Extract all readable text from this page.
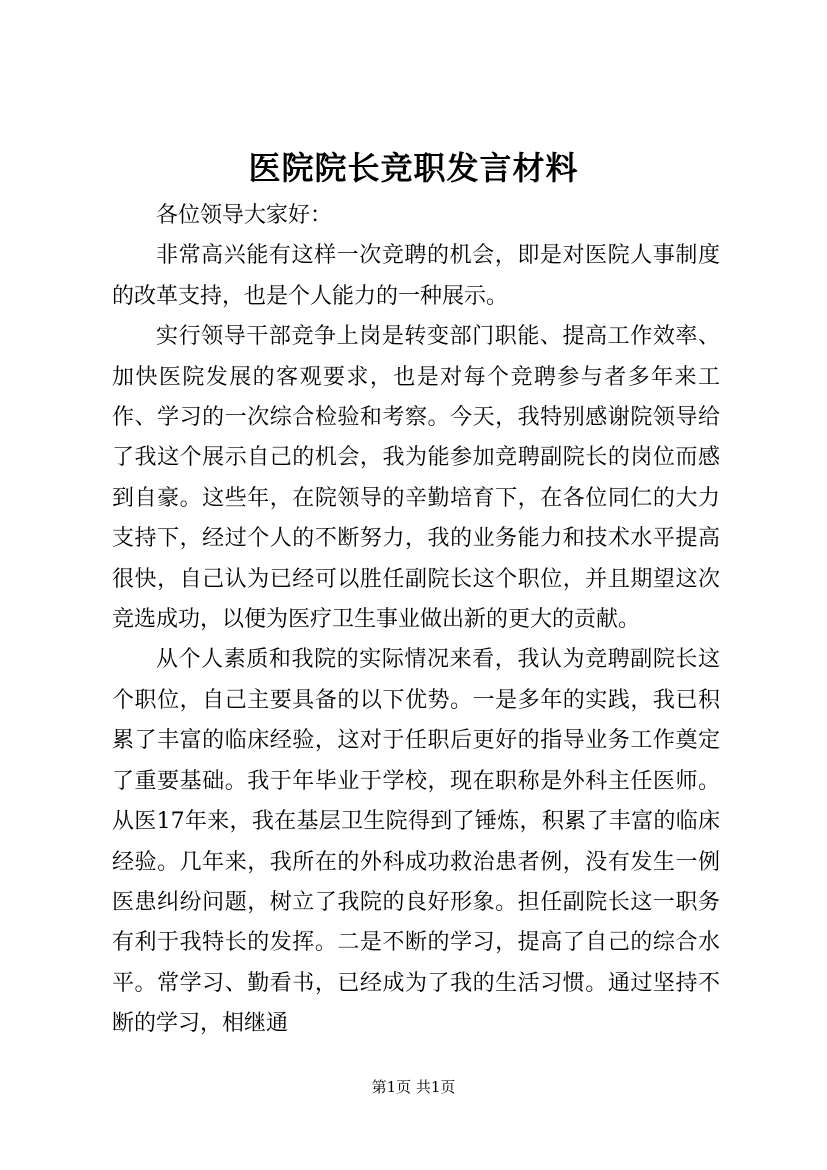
医院院长竞职发言材料

各位领导大家好：

非常高兴能有这样一次竞聘的机会，即是对医院人事制度的改革支持，也是个人能力的一种展示。

实行领导干部竞争上岗是转变部门职能、提高工作效率、加快医院发展的客观要求，也是对每个竞聘参与者多年来工作、学习的一次综合检验和考察。今天，我特别感谢院领导给了我这个展示自己的机会，我为能参加竞聘副院长的岗位而感到自豪。这些年，在院领导的辛勤培育下，在各位同仁的大力支持下，经过个人的不断努力，我的业务能力和技术水平提高很快，自己认为已经可以胜任副院长这个职位，并且期望这次竞选成功，以便为医疗卫生事业做出新的更大的贡献。

从个人素质和我院的实际情况来看，我认为竞聘副院长这个职位，自己主要具备的以下优势。一是多年的实践，我已积累了丰富的临床经验，这对于任职后更好的指导业务工作奠定了重要基础。我于年毕业于学校，现在职称是外科主任医师。从医17年来，我在基层卫生院得到了锤炼，积累了丰富的临床经验。几年来，我所在的外科成功救治患者例，没有发生一例医患纠纷问题，树立了我院的良好形象。担任副院长这一职务有利于我特长的发挥。二是不断的学习，提高了自己的综合水平。常学习、勤看书，已经成为了我的生活习惯。通过坚持不断的学习，相继通

第1页 共1页
